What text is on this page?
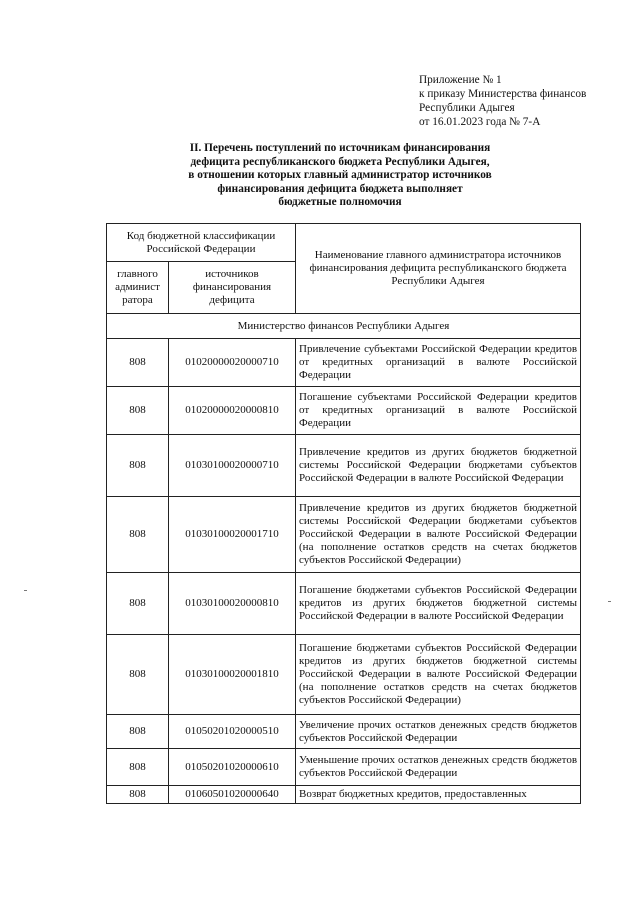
Приложение № 1
к приказу Министерства финансов
Республики Адыгея
от 16.01.2023 года № 7-А
II. Перечень поступлений по источникам финансирования
дефицита республиканского бюджета Республики Адыгея,
в отношении которых главный администратор источников
финансирования дефицита бюджета выполняет
бюджетные полномочия
Код бюджетной классификации Российской Федерации		Наименование главного администратора источников финансирования дефицита республиканского бюджета Республики Адыгея
главного админист ратора	источников финансирования дефицита	
Министерство финансов Республики Адыгея		
808	01020000020000710	Привлечение субъектами Российской Федерации кредитов от кредитных организаций в валюте Российской Федерации
808	01020000020000810	Погашение субъектами Российской Федерации кредитов от кредитных организаций в валюте Российской Федерации
808	01030100020000710	Привлечение кредитов из других бюджетов бюджетной системы Российской Федерации бюджетами субъектов Российской Федерации в валюте Российской Федерации
808	01030100020001710	Привлечение кредитов из других бюджетов бюджетной системы Российской Федерации бюджетами субъектов Российской Федерации в валюте Российской Федерации (на пополнение остатков средств на счетах бюджетов субъектов Российской Федерации)
808	01030100020000810	Погашение бюджетами субъектов Российской Федерации кредитов из других бюджетов бюджетной системы Российской Федерации в валюте Российской Федерации
808	01030100020001810	Погашение бюджетами субъектов Российской Федерации кредитов из других бюджетов бюджетной системы Российской Федерации в валюте Российской Федерации (на пополнение остатков средств на счетах бюджетов субъектов Российской Федерации)
808	01050201020000510	Увеличение прочих остатков денежных средств бюджетов субъектов Российской Федерации
808	01050201020000610	Уменьшение прочих остатков денежных средств бюджетов субъектов Российской Федерации
808	01060501020000640	Возврат бюджетных кредитов, предоставленных
